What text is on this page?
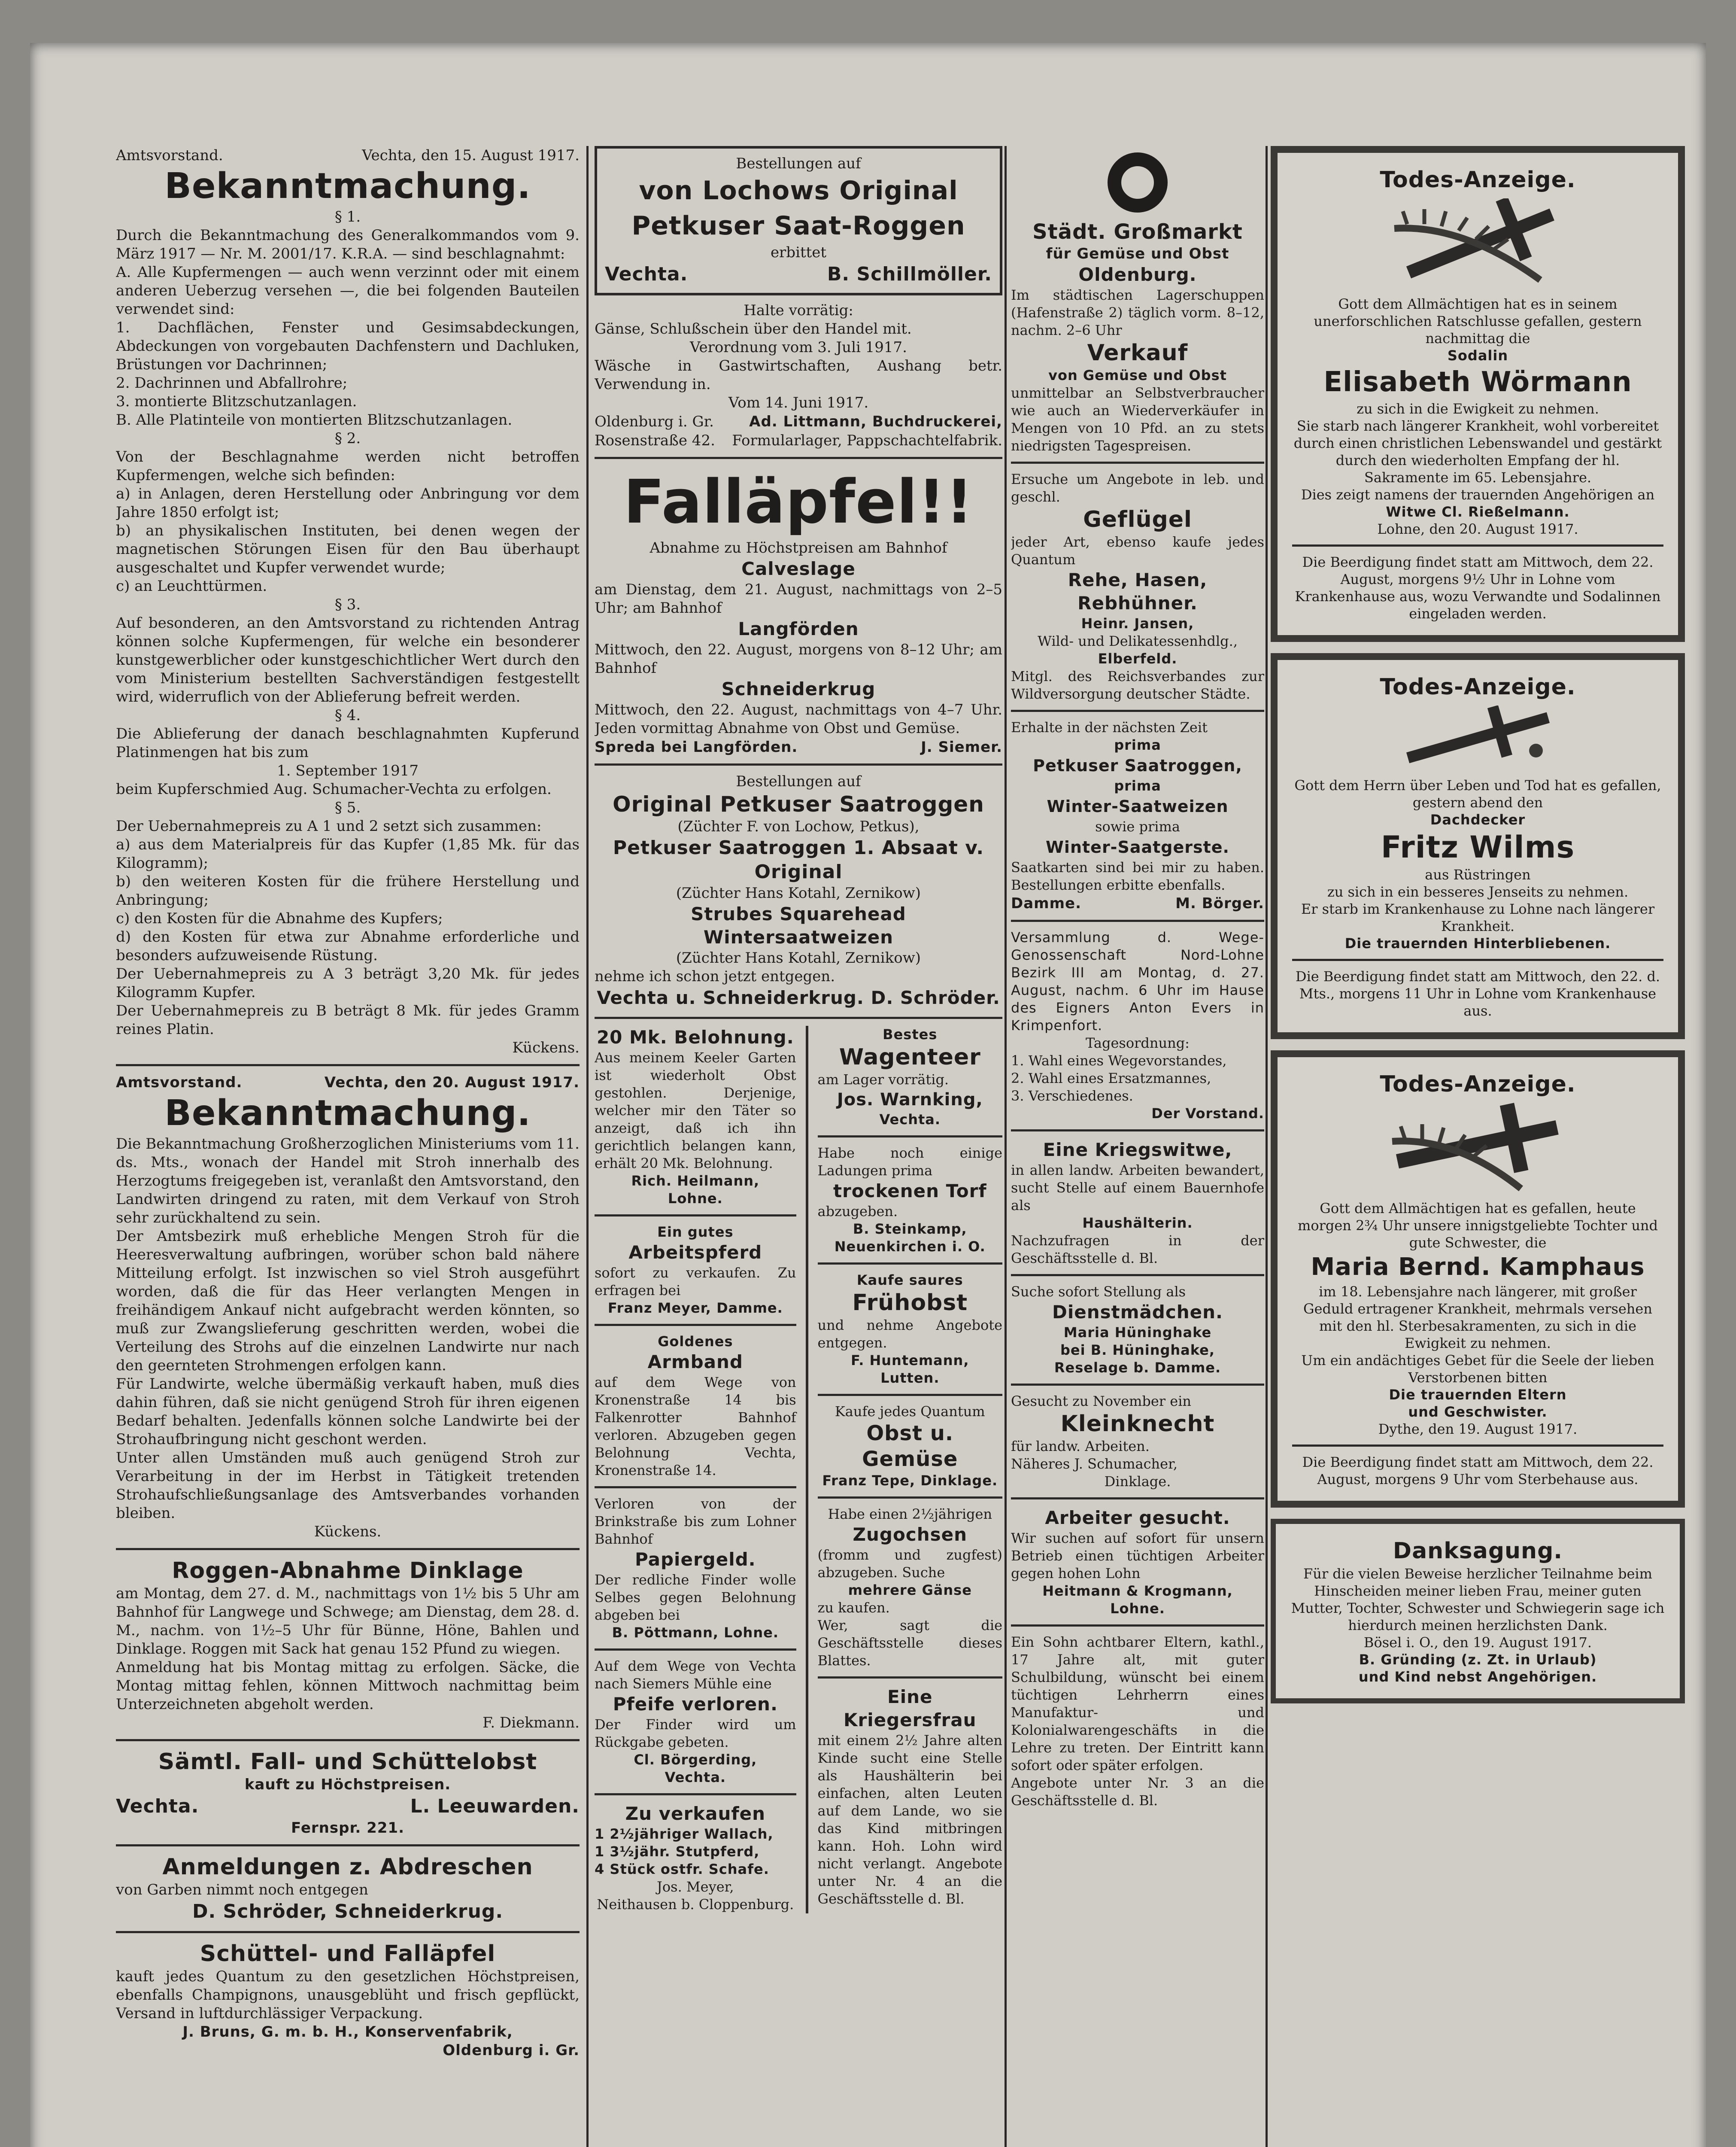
Amtsvorstand.	Vechta, den 15. August 1917.
Bekanntmachung.

§ 1.

Durch die Bekanntmachung des Generalkommandos vom 9. März 1917 — Nr. M. 2001/17. K.R.A. — sind beschlagnahmt:

A. Alle Kupfermengen — auch wenn verzinnt oder mit einem anderen Ueberzug versehen —, die bei folgenden Bauteilen verwendet sind:

1. Dachflächen, Fenster und Gesimsabdeckungen, Abdeckungen von vorgebauten Dachfenstern und Dachluken, Brüstungen vor Dachrinnen;

2. Dachrinnen und Abfallrohre;

3. montierte Blitzschutzanlagen.

B. Alle Platinteile von montierten Blitzschutzanlagen.

§ 2.

Von der Beschlagnahme werden nicht betroffen Kupfermengen, welche sich befinden:

a) in Anlagen, deren Herstellung oder Anbringung vor dem Jahre 1850 erfolgt ist;

b) an physikalischen Instituten, bei denen wegen der magnetischen Störungen Eisen für den Bau überhaupt ausgeschaltet und Kupfer verwendet wurde;

c) an Leuchttürmen.

§ 3.

Auf besonderen, an den Amtsvorstand zu richtenden Antrag können solche Kupfermengen, für welche ein besonderer kunstgewerblicher oder kunstgeschichtlicher Wert durch den vom Ministerium bestellten Sachverständigen festgestellt wird, widerruflich von der Ablieferung befreit werden.

§ 4.

Die Ablieferung der danach beschlagnahmten Kupferund Platinmengen hat bis zum

1. September 1917

beim Kupferschmied Aug. Schumacher-Vechta zu erfolgen.

§ 5.

Der Uebernahmepreis zu A 1 und 2 setzt sich zusammen:

a) aus dem Materialpreis für das Kupfer (1,85 Mk. für das Kilogramm);

b) den weiteren Kosten für die frühere Herstellung und Anbringung;

c) den Kosten für die Abnahme des Kupfers;

d) den Kosten für etwa zur Abnahme erforderliche und besonders aufzuweisende Rüstung.

Der Uebernahmepreis zu A 3 beträgt 3,20 Mk. für jedes Kilogramm Kupfer.

Der Uebernahmepreis zu B beträgt 8 Mk. für jedes Gramm reines Platin.

Kückens.

Amtsvorstand.	Vechta, den 20. August 1917.
Bekanntmachung.

Die Bekanntmachung Großherzoglichen Ministeriums vom 11. ds. Mts., wonach der Handel mit Stroh innerhalb des Herzogtums freigegeben ist, veranlaßt den Amtsvorstand, den Landwirten dringend zu raten, mit dem Verkauf von Stroh sehr zurückhaltend zu sein.

Der Amtsbezirk muß erhebliche Mengen Stroh für die Heeresverwaltung aufbringen, worüber schon bald nähere Mitteilung erfolgt. Ist inzwischen so viel Stroh ausgeführt worden, daß die für das Heer verlangten Mengen in freihändigem Ankauf nicht aufgebracht werden könnten, so muß zur Zwangslieferung geschritten werden, wobei die Verteilung des Strohs auf die einzelnen Landwirte nur nach den geernteten Strohmengen erfolgen kann.

Für Landwirte, welche übermäßig verkauft haben, muß dies dahin führen, daß sie nicht genügend Stroh für ihren eigenen Bedarf behalten. Jedenfalls können solche Landwirte bei der Strohaufbringung nicht geschont werden.

Unter allen Umständen muß auch genügend Stroh zur Verarbeitung in der im Herbst in Tätigkeit tretenden Strohaufschließungsanlage des Amtsverbandes vorhanden bleiben.

Kückens.

Roggen-Abnahme Dinklage

am Montag, dem 27. d. M., nachmittags von 1½ bis 5 Uhr am Bahnhof für Langwege und Schwege; am Dienstag, dem 28. d. M., nachm. von 1½–5 Uhr für Bünne, Höne, Bahlen und Dinklage. Roggen mit Sack hat genau 152 Pfund zu wiegen.

Anmeldung hat bis Montag mittag zu erfolgen. Säcke, die Montag mittag fehlen, können Mittwoch nachmittag beim Unterzeichneten abgeholt werden.

F. Diekmann.

Sämtl. Fall- und Schüttelobst

kauft zu Höchstpreisen.

Vechta.	L. Leeuwarden.

Fernspr. 221.

Anmeldungen z. Abdreschen

von Garben nimmt noch entgegen

D. Schröder, Schneiderkrug.

Schüttel- und Falläpfel

kauft jedes Quantum zu den gesetzlichen Höchstpreisen, ebenfalls Champignons, unausgeblüht und frisch gepflückt, Versand in luftdurchlässiger Verpackung.

J. Bruns, G. m. b. H., Konservenfabrik,

Oldenburg i. Gr.

Bestellungen auf

von Lochows Original
Petkuser Saat-Roggen

erbittet

Vechta.	B. Schillmöller.

Halte vorrätig:

Gänse, Schlußschein über den Handel mit.

Verordnung vom 3. Juli 1917.

Wäsche in Gastwirtschaften, Aushang betr. Verwendung in.

Vom 14. Juni 1917.

Oldenburg i. Gr. Ad. Littmann, Buchdruckerei,
Rosenstraße 42. Formularlager, Pappschachtelfabrik.
Falläpfel!!

Abnahme zu Höchstpreisen am Bahnhof

Calveslage

am Dienstag, dem 21. August, nachmittags von 2–5 Uhr; am Bahnhof

Langförden

Mittwoch, den 22. August, morgens von 8–12 Uhr; am Bahnhof

Schneiderkrug

Mittwoch, den 22. August, nachmittags von 4–7 Uhr. Jeden vormittag Abnahme von Obst und Gemüse.

Spreda bei Langförden.	J. Siemer.

Bestellungen auf

Original Petkuser Saatroggen

(Züchter F. von Lochow, Petkus),

Petkuser Saatroggen 1. Absaat v. Original

(Züchter Hans Kotahl, Zernikow)

Strubes Squarehead Wintersaatweizen

(Züchter Hans Kotahl, Zernikow)

nehme ich schon jetzt entgegen.

Vechta u. Schneiderkrug. D. Schröder.

20 Mk. Belohnung.

Aus meinem Keeler Garten ist wiederholt Obst gestohlen. Derjenige, welcher mir den Täter so anzeigt, daß ich ihn gerichtlich belangen kann, erhält 20 Mk. Belohnung.

Rich. Heilmann,

Lohne.

Ein gutes

Arbeitspferd

sofort zu verkaufen. Zu erfragen bei

Franz Meyer, Damme.

Goldenes

Armband

auf dem Wege von Kronenstraße 14 bis Falkenrotter Bahnhof verloren. Abzugeben gegen Belohnung Vechta, Kronenstraße 14.

Verloren von der Brinkstraße bis zum Lohner Bahnhof

Papiergeld.

Der redliche Finder wolle Selbes gegen Belohnung abgeben bei

B. Pöttmann, Lohne.

Auf dem Wege von Vechta nach Siemers Mühle eine

Pfeife verloren.

Der Finder wird um Rückgabe gebeten.

Cl. Börgerding,

Vechta.

Zu verkaufen

1 2½jähriger Wallach,

1 3½jähr. Stutpferd,

4 Stück ostfr. Schafe.

Jos. Meyer,

Neithausen b. Cloppenburg.

Bestes

Wagenteer

am Lager vorrätig.

Jos. Warnking,

Vechta.

Habe noch einige Ladungen prima

trockenen Torf

abzugeben.

B. Steinkamp,

Neuenkirchen i. O.

Kaufe saures

Frühobst

und nehme Angebote entgegen.

F. Huntemann,

Lutten.

Kaufe jedes Quantum

Obst u. Gemüse

Franz Tepe, Dinklage.

Habe einen 2½jährigen

Zugochsen

(fromm und zugfest) abzugeben. Suche

mehrere Gänse

zu kaufen.

Wer, sagt die Geschäftsstelle dieses Blattes.

Eine Kriegersfrau

mit einem 2½ Jahre alten Kinde sucht eine Stelle als Haushälterin bei einfachen, alten Leuten auf dem Lande, wo sie das Kind mitbringen kann. Hoh. Lohn wird nicht verlangt. Angebote unter Nr. 4 an die Geschäftsstelle d. Bl.

Städt. Großmarkt

für Gemüse und Obst

Oldenburg.

Im städtischen Lagerschuppen (Hafenstraße 2) täglich vorm. 8–12, nachm. 2–6 Uhr

Verkauf

von Gemüse und Obst

unmittelbar an Selbstverbraucher wie auch an Wiederverkäufer in Mengen von 10 Pfd. an zu stets niedrigsten Tagespreisen.

Ersuche um Angebote in leb. und geschl.

Geflügel

jeder Art, ebenso kaufe jedes Quantum

Rehe, Hasen, Rebhühner.

Heinr. Jansen,

Wild- und Delikatessenhdlg.,

Elberfeld.

Mitgl. des Reichsverbandes zur Wildversorgung deutscher Städte.

Erhalte in der nächsten Zeit

prima

Petkuser Saatroggen,

prima

Winter-Saatweizen

sowie prima

Winter-Saatgerste.

Saatkarten sind bei mir zu haben. Bestellungen erbitte ebenfalls.

Damme.	M. Börger.

Versammlung d. Wege-Genossenschaft Nord-Lohne Bezirk III am Montag, d. 27. August, nachm. 6 Uhr im Hause des Eigners Anton Evers in Krimpenfort.

Tagesordnung:

1. Wahl eines Wegevorstandes,

2. Wahl eines Ersatzmannes,

3. Verschiedenes.

Der Vorstand.

Eine Kriegswitwe,

in allen landw. Arbeiten bewandert, sucht Stelle auf einem Bauernhofe als

Haushälterin.

Nachzufragen in der Geschäftsstelle d. Bl.

Suche sofort Stellung als

Dienstmädchen.

Maria Hüninghake

bei B. Hüninghake,

Reselage b. Damme.

Gesucht zu November ein

Kleinknecht

für landw. Arbeiten.

Näheres J. Schumacher,

Dinklage.

Arbeiter gesucht.

Wir suchen auf sofort für unsern Betrieb einen tüchtigen Arbeiter gegen hohen Lohn

Heitmann & Krogmann,

Lohne.

Ein Sohn achtbarer Eltern, kathl., 17 Jahre alt, mit guter Schulbildung, wünscht bei einem tüchtigen Lehrherrn eines Manufaktur- und Kolonialwarengeschäfts in die Lehre zu treten. Der Eintritt kann sofort oder später erfolgen.

Angebote unter Nr. 3 an die Geschäftsstelle d. Bl.

Todes-Anzeige.

Gott dem Allmächtigen hat es in seinem unerforschlichen Ratschlusse gefallen, gestern nachmittag die

Sodalin

Elisabeth Wörmann

zu sich in die Ewigkeit zu nehmen.

Sie starb nach längerer Krankheit, wohl vorbereitet durch einen christlichen Lebenswandel und gestärkt durch den wiederholten Empfang der hl. Sakramente im 65. Lebensjahre.

Dies zeigt namens der trauernden Angehörigen an

Witwe Cl. Rießelmann.

Lohne, den 20. August 1917.

Die Beerdigung findet statt am Mittwoch, dem 22. August, morgens 9½ Uhr in Lohne vom Krankenhause aus, wozu Verwandte und Sodalinnen eingeladen werden.

Todes-Anzeige.

Gott dem Herrn über Leben und Tod hat es gefallen, gestern abend den

Dachdecker

Fritz Wilms

aus Rüstringen

zu sich in ein besseres Jenseits zu nehmen.

Er starb im Krankenhause zu Lohne nach längerer Krankheit.

Die trauernden Hinterbliebenen.

Die Beerdigung findet statt am Mittwoch, den 22. d. Mts., morgens 11 Uhr in Lohne vom Krankenhause aus.

Todes-Anzeige.

Gott dem Allmächtigen hat es gefallen, heute morgen 2¾ Uhr unsere innigstgeliebte Tochter und gute Schwester, die

Maria Bernd. Kamphaus

im 18. Lebensjahre nach längerer, mit großer Geduld ertragener Krankheit, mehrmals versehen mit den hl. Sterbesakramenten, zu sich in die Ewigkeit zu nehmen.

Um ein andächtiges Gebet für die Seele der lieben Verstorbenen bitten

Die trauernden Eltern

und Geschwister.

Dythe, den 19. August 1917.

Die Beerdigung findet statt am Mittwoch, dem 22. August, morgens 9 Uhr vom Sterbehause aus.

Danksagung.

Für die vielen Beweise herzlicher Teilnahme beim Hinscheiden meiner lieben Frau, meiner guten Mutter, Tochter, Schwester und Schwiegerin sage ich hierdurch meinen herzlichsten Dank.

Bösel i. O., den 19. August 1917.

B. Gründing (z. Zt. in Urlaub)

und Kind nebst Angehörigen.
